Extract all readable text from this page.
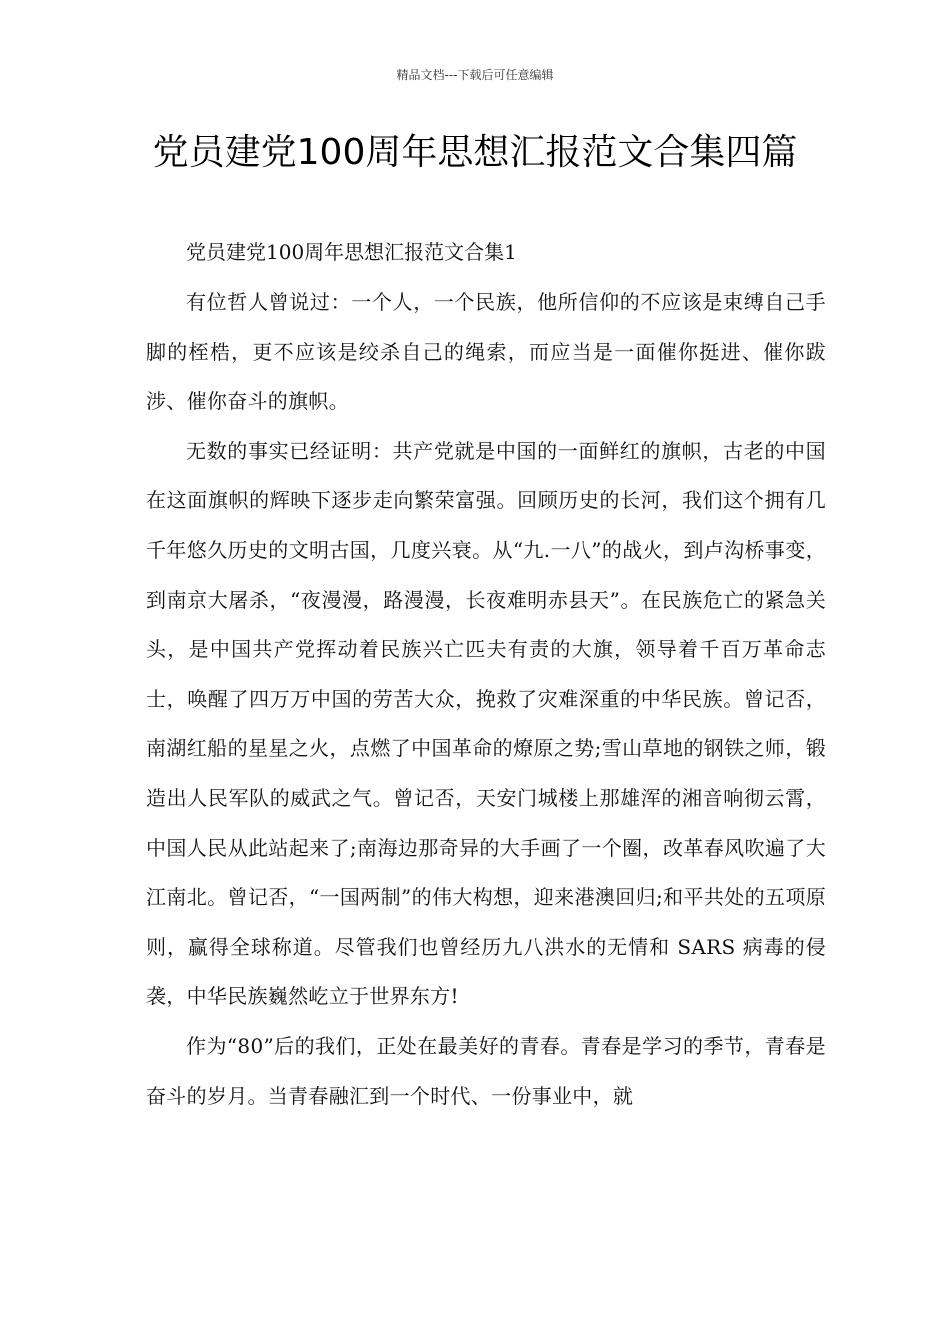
精品文档---下载后可任意编辑
党员建党100周年思想汇报范文合集四篇

党员建党100周年思想汇报范文合集1

有位哲人曾说过：一个人，一个民族，他所信仰的不应该是束缚自己手脚的桎梏，更不应该是绞杀自己的绳索，而应当是一面催你挺进、催你跋涉、催你奋斗的旗帜。

无数的事实已经证明：共产党就是中国的一面鲜红的旗帜，古老的中国在这面旗帜的辉映下逐步走向繁荣富强。回顾历史的长河，我们这个拥有几千年悠久历史的文明古国，几度兴衰。从“九.一八”的战火，到卢沟桥事变，到南京大屠杀，“夜漫漫，路漫漫，长夜难明赤县天”。在民族危亡的紧急关头，是中国共产党挥动着民族兴亡匹夫有责的大旗，领导着千百万革命志士，唤醒了四万万中国的劳苦大众，挽救了灾难深重的中华民族。曾记否，南湖红船的星星之火，点燃了中国革命的燎原之势;雪山草地的钢铁之师，锻造出人民军队的威武之气。曾记否，天安门城楼上那雄浑的湘音响彻云霄，中国人民从此站起来了;南海边那奇异的大手画了一个圈，改革春风吹遍了大江南北。曾记否，“一国两制”的伟大构想，迎来港澳回归;和平共处的五项原则，赢得全球称道。尽管我们也曾经历九八洪水的无情和 SARS 病毒的侵袭，中华民族巍然屹立于世界东方!

作为“80”后的我们，正处在最美好的青春。青春是学习的季节，青春是奋斗的岁月。当青春融汇到一个时代、一份事业中，就
